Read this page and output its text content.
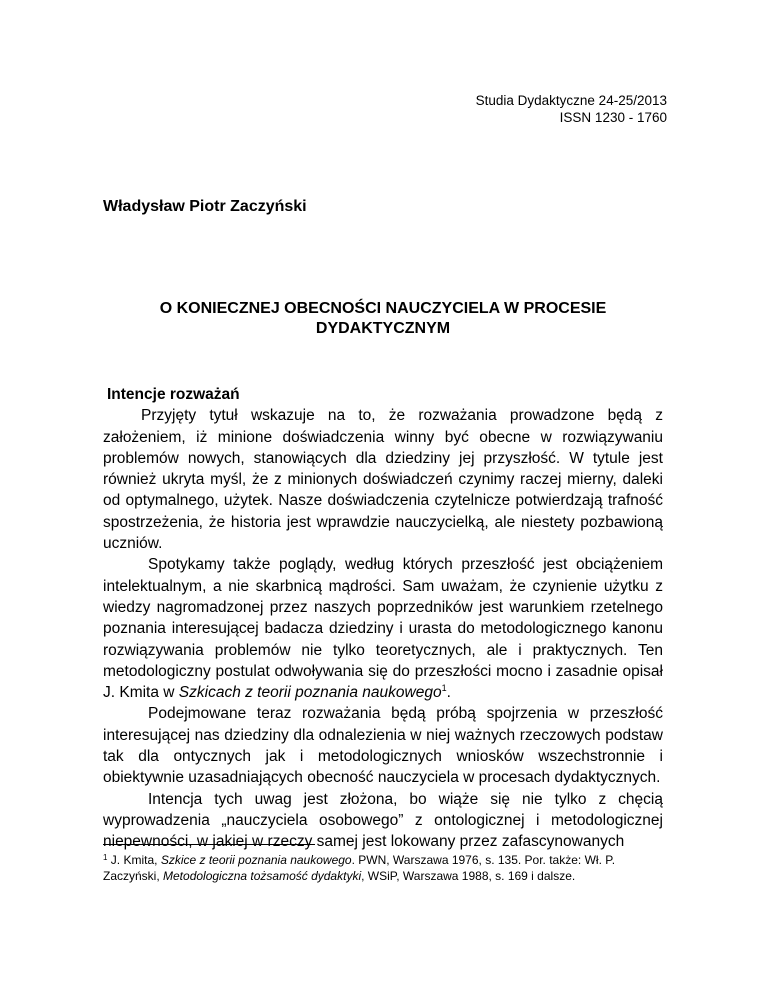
Studia Dydaktyczne 24-25/2013
ISSN 1230 - 1760
Władysław Piotr Zaczyński
O KONIECZNEJ OBECNOŚCI NAUCZYCIELA W PROCESIE
DYDAKTYCZNYM
Intencje rozważań

Przyjęty tytuł wskazuje na to, że rozważania prowadzone będą z założeniem, iż minione doświadczenia winny być obecne w rozwiązywaniu problemów nowych, stanowiących dla dziedziny jej przyszłość. W tytule jest również ukryta myśl, że z minionych doświadczeń czynimy raczej mierny, daleki od optymalnego, użytek. Nasze doświadczenia czytelnicze potwierdzają trafność spostrzeżenia, że historia jest wprawdzie nauczycielką, ale niestety pozbawioną uczniów.

Spotykamy także poglądy, według których przeszłość jest obciążeniem intelektualnym, a nie skarbnicą mądrości. Sam uważam, że czynienie użytku z wiedzy nagromadzonej przez naszych poprzedników jest warunkiem rzetelnego poznania interesującej badacza dziedziny i urasta do metodologicznego kanonu rozwiązywania problemów nie tylko teoretycznych, ale i praktycznych. Ten metodologiczny postulat odwoływania się do przeszłości mocno i zasadnie opisał J. Kmita w Szkicach z teorii poznania naukowego$^1$.

Podejmowane teraz rozważania będą próbą spojrzenia w przeszłość interesującej nas dziedziny dla odnalezienia w niej ważnych rzeczowych podstaw tak dla ontycznych jak i metodologicznych wniosków wszechstronnie i obiektywnie uzasadniających obecność nauczyciela w procesach dydaktycznych.

Intencja tych uwag jest złożona, bo wiąże się nie tylko z chęcią wyprowadzenia „nauczyciela osobowego” z ontologicznej i metodologicznej niepewności, w jakiej w rzeczy samej jest lokowany przez zafascynowanych

$^1$ J. Kmita, Szkice z teorii poznania naukowego. PWN, Warszawa 1976, s. 135. Por. także: Wł. P. Zaczyński, Metodologiczna tożsamość dydaktyki, WSiP, Warszawa 1988, s. 169 i dalsze.
